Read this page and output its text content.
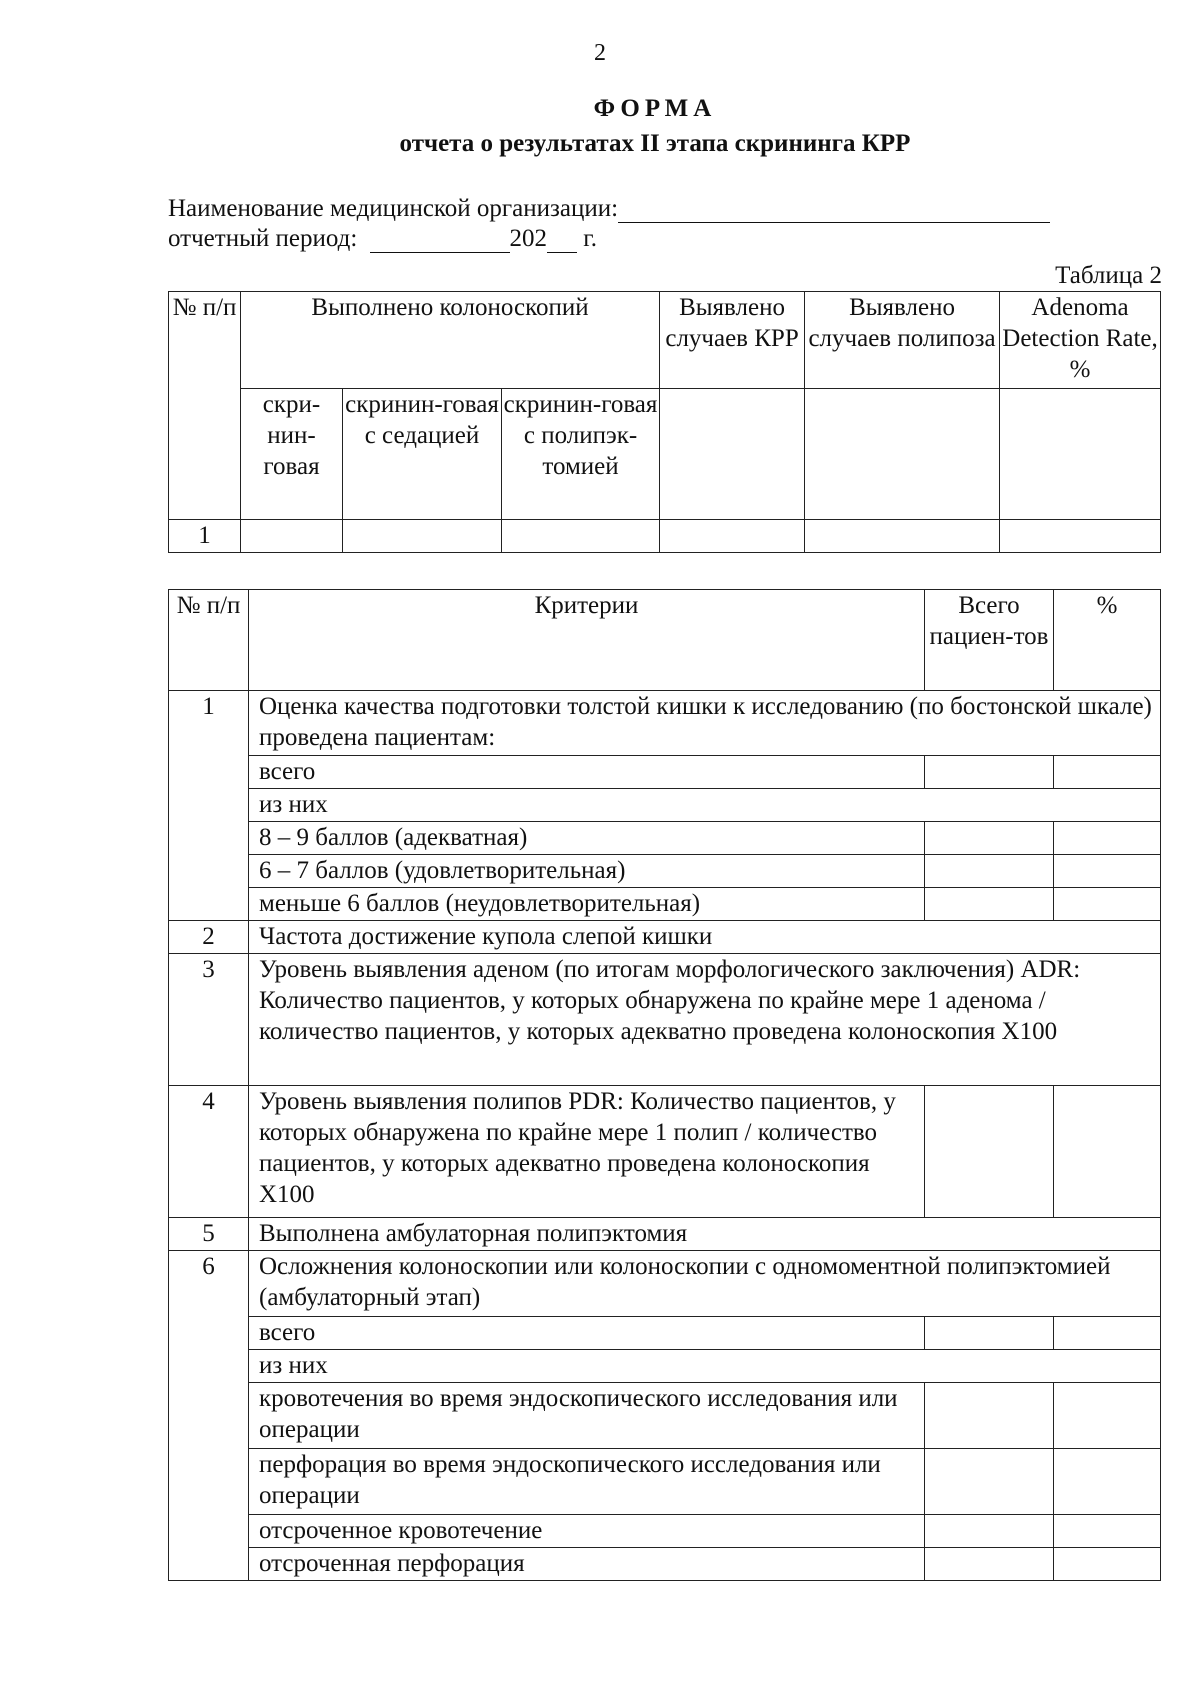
2
ФОРМА
отчета о результатах II этапа скрининга КРР
Наименование медицинской организации:
отчетный период:	202 г.
Таблица 2
№ п/п	Выполнено колоноскопий			Выявлено случаев КРР	Выявлено случаев полипоза	Adenoma Detection Rate, %
	скри-нин-говая	скринин-говая с седацией	скринин-говая с полипэк-томией			
1						
№ п/п	Критерии	Всего пациен-тов	%
1	Оценка качества подготовки толстой кишки к исследованию (по бостонской шкале) проведена пациентам:		
	всего		
	из них		
	8 – 9 баллов (адекватная)		
	6 – 7 баллов (удовлетворительная)		
	меньше 6 баллов (неудовлетворительная)		
2	Частота достижение купола слепой кишки		
3	Уровень выявления аденом (по итогам морфологического заключения) ADR: Количество пациентов, у которых обнаружена по крайне мере 1 аденома / количество пациентов, у которых адекватно проведена колоноскопия Х100		
4	Уровень выявления полипов PDR: Количество пациентов, у которых обнаружена по крайне мере 1 полип / количество пациентов, у которых адекватно проведена колоноскопия Х100		
5	Выполнена амбулаторная полипэктомия		
6	Осложнения колоноскопии или колоноскопии с одномоментной полипэктомией (амбулаторный этап)		
	всего		
	из них		
	кровотечения во время эндоскопического исследования или операции		
	перфорация во время эндоскопического исследования или операции		
	отсроченное кровотечение		
	отсроченная перфорация		
